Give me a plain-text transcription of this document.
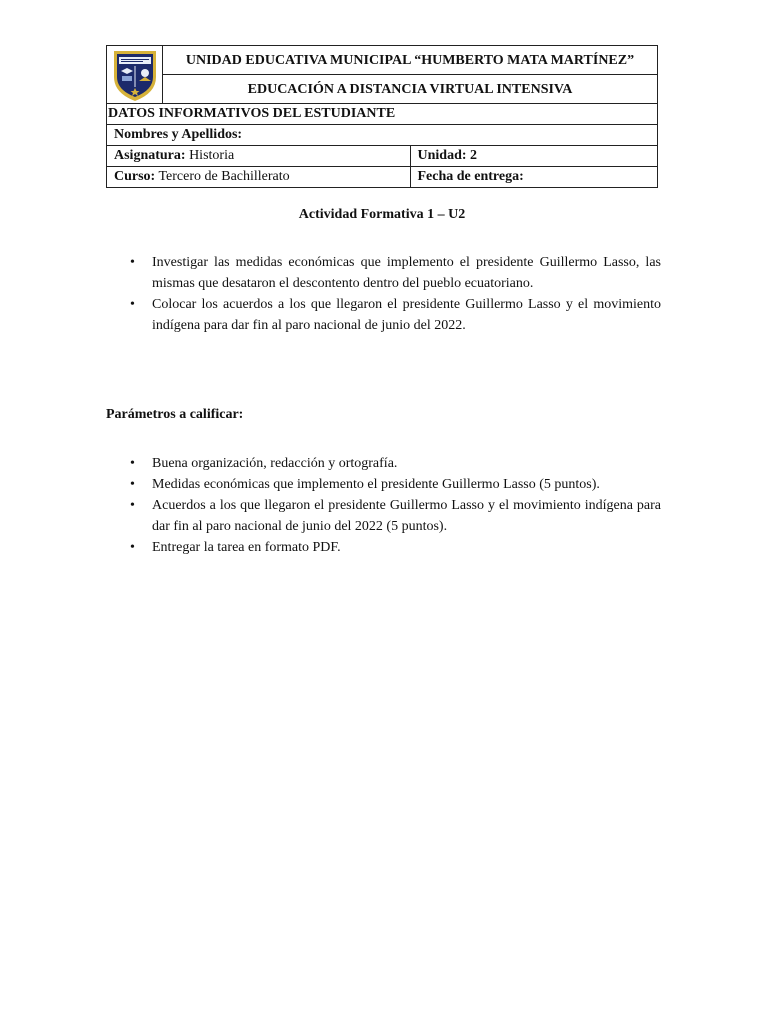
	UNIDAD EDUCATIVA MUNICIPAL “HUMBERTO MATA MARTÍNEZ”	
	EDUCACIÓN A DISTANCIA VIRTUAL INTENSIVA	
DATOS INFORMATIVOS DEL ESTUDIANTE		
Nombres y Apellidos:		
Asignatura: Historia		Unidad: 2
Curso: Tercero de Bachillerato		Fecha de entrega:
Actividad Formativa 1 – U2
• Investigar las medidas económicas que implemento el presidente Guillermo Lasso, las mismas que desataron el descontento dentro del pueblo ecuatoriano.
• Colocar los acuerdos a los que llegaron el presidente Guillermo Lasso y el movimiento indígena para dar fin al paro nacional de junio del 2022.
Parámetros a calificar:
• Buena organización, redacción y ortografía.
• Medidas económicas que implemento el presidente Guillermo Lasso (5 puntos).
• Acuerdos a los que llegaron el presidente Guillermo Lasso y el movimiento indígena para dar fin al paro nacional de junio del 2022 (5 puntos).
• Entregar la tarea en formato PDF.
